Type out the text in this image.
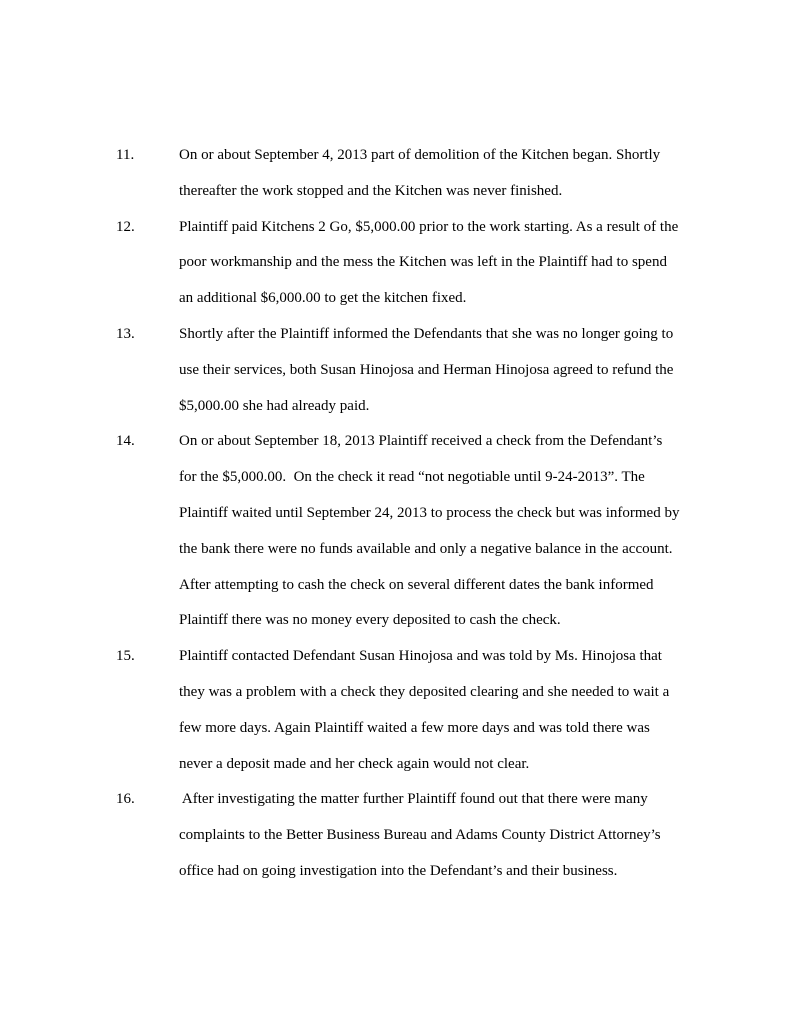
11.	On or about September 4, 2013 part of demolition of the Kitchen began. Shortly
thereafter the work stopped and the Kitchen was never finished.
12.	Plaintiff paid Kitchens 2 Go, $5,000.00 prior to the work starting. As a result of the
poor workmanship and the mess the Kitchen was left in the Plaintiff had to spend
an additional $6,000.00 to get the kitchen fixed.
13.	Shortly after the Plaintiff informed the Defendants that she was no longer going to
use their services, both Susan Hinojosa and Herman Hinojosa agreed to refund the
$5,000.00 she had already paid.
14.	On or about September 18, 2013 Plaintiff received a check from the Defendant’s
for the $5,000.00.  On the check it read “not negotiable until 9-24-2013”. The
Plaintiff waited until September 24, 2013 to process the check but was informed by
the bank there were no funds available and only a negative balance in the account.
After attempting to cash the check on several different dates the bank informed
Plaintiff there was no money every deposited to cash the check.
15.	Plaintiff contacted Defendant Susan Hinojosa and was told by Ms. Hinojosa that
they was a problem with a check they deposited clearing and she needed to wait a
few more days. Again Plaintiff waited a few more days and was told there was
never a deposit made and her check again would not clear.
16.	After investigating the matter further Plaintiff found out that there were many
complaints to the Better Business Bureau and Adams County District Attorney’s
office had on going investigation into the Defendant’s and their business.
